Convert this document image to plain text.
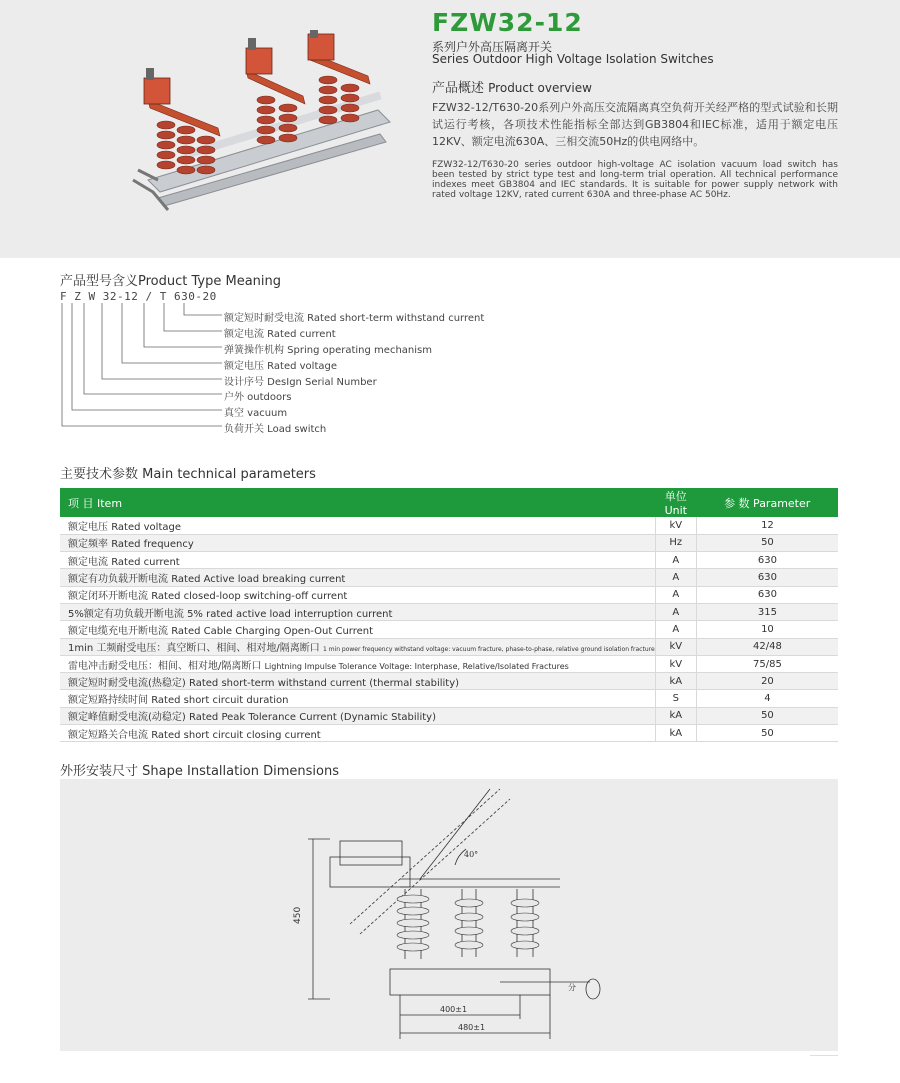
FZW32-12
系列户外高压隔离开关
Series Outdoor High Voltage Isolation Switches
产品概述 Product overview
FZW32-12/T630-20系列户外高压交流隔离真空负荷开关经严格的型式试验和长期试运行考核，各项技术性能指标全部达到GB3804和IEC标准，适用于额定电压12KV、额定电流630A、三相交流50Hz的供电网络中。
FZW32-12/T630-20 series outdoor high-voltage AC isolation vacuum load switch has been tested by strict type test and long-term trial operation. All technical performance indexes meet GB3804 and IEC standards. It is suitable for power supply network with rated voltage 12KV, rated current 630A and three-phase AC 50Hz.
产品型号含义Product Type Meaning
F Z W 32-12 / T 630-20
额定短时耐受电流 Rated short-term withstand current
额定电流 Rated current
弹簧操作机构 Spring operating mechanism
额定电压 Rated voltage
设计序号 DesIgn Serial Number
户外 outdoors
真空 vacuum
负荷开关 Load switch
主要技术参数 Main technical parameters
项 目 Item	单位 Unit	参 数 Parameter
额定电压 Rated voltage	kV	12
额定频率 Rated frequency	Hz	50
额定电流 Rated current	A	630
额定有功负载开断电流 Rated Active load breaking current	A	630
额定闭环开断电流 Rated closed-loop switching-off current	A	630
5%额定有功负载开断电流 5% rated active load interruption current	A	315
额定电缆充电开断电流 Rated Cable Charging Open-Out Current	A	10
1min 工频耐受电压：真空断口、相间、相对地/隔离断口 1 min power frequency withstand voltage: vacuum fracture, phase-to-phase, relative ground isolation fracture	kV	42/48
雷电冲击耐受电压：相间、相对地/隔离断口 Lightning Impulse Tolerance Voltage: Interphase, Relative/Isolated Fractures	kV	75/85
额定短时耐受电流(热稳定) Rated short-term withstand current (thermal stability)	kA	20
额定短路持续时间 Rated short circuit duration	S	4
额定峰值耐受电流(动稳定) Rated Peak Tolerance Current (Dynamic Stability)	kA	50
额定短路关合电流 Rated short circuit closing current	kA	50
外形安装尺寸 Shape Installation Dimensions
450
40°
400±1
480±1
分
